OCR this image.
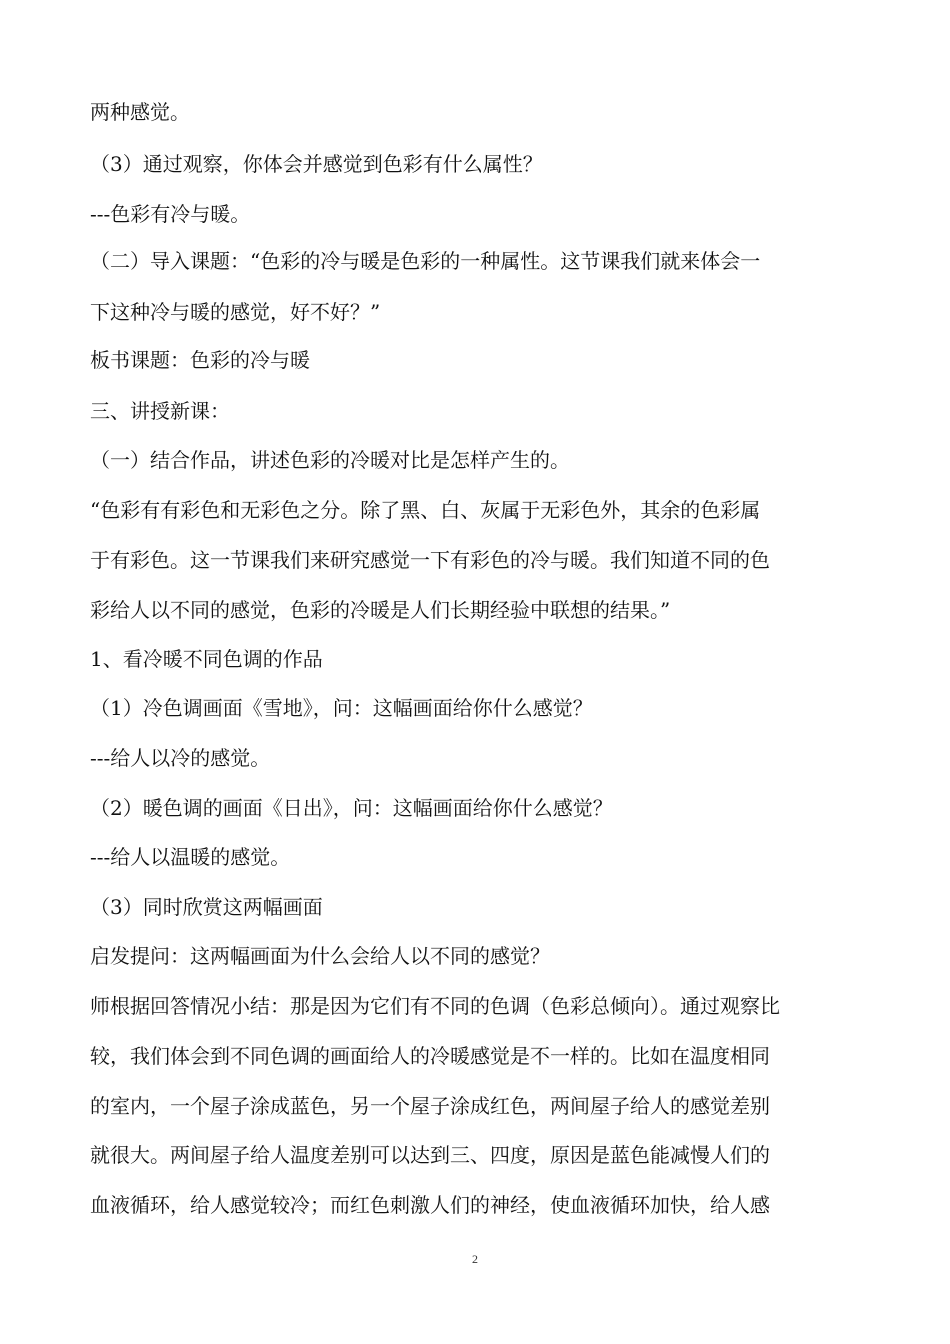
两种感觉。
（3）通过观察，你体会并感觉到色彩有什么属性？
---色彩有冷与暖。
（二）导入课题：“色彩的冷与暖是色彩的一种属性。这节课我们就来体会一
下这种冷与暖的感觉，好不好？”
板书课题：色彩的冷与暖
三、讲授新课：
（一）结合作品，讲述色彩的冷暖对比是怎样产生的。
“色彩有有彩色和无彩色之分。除了黑、白、灰属于无彩色外，其余的色彩属
于有彩色。这一节课我们来研究感觉一下有彩色的冷与暖。我们知道不同的色
彩给人以不同的感觉，色彩的冷暖是人们长期经验中联想的结果。”
1、看冷暖不同色调的作品
（1）冷色调画面《雪地》，问：这幅画面给你什么感觉？
---给人以冷的感觉。
（2）暖色调的画面《日出》，问：这幅画面给你什么感觉？
---给人以温暖的感觉。
（3）同时欣赏这两幅画面
启发提问：这两幅画面为什么会给人以不同的感觉？
师根据回答情况小结：那是因为它们有不同的色调（色彩总倾向）。通过观察比
较，我们体会到不同色调的画面给人的冷暖感觉是不一样的。比如在温度相同
的室内，一个屋子涂成蓝色，另一个屋子涂成红色，两间屋子给人的感觉差别
就很大。两间屋子给人温度差别可以达到三、四度，原因是蓝色能减慢人们的
血液循环，给人感觉较冷；而红色刺激人们的神经，使血液循环加快，给人感
2
